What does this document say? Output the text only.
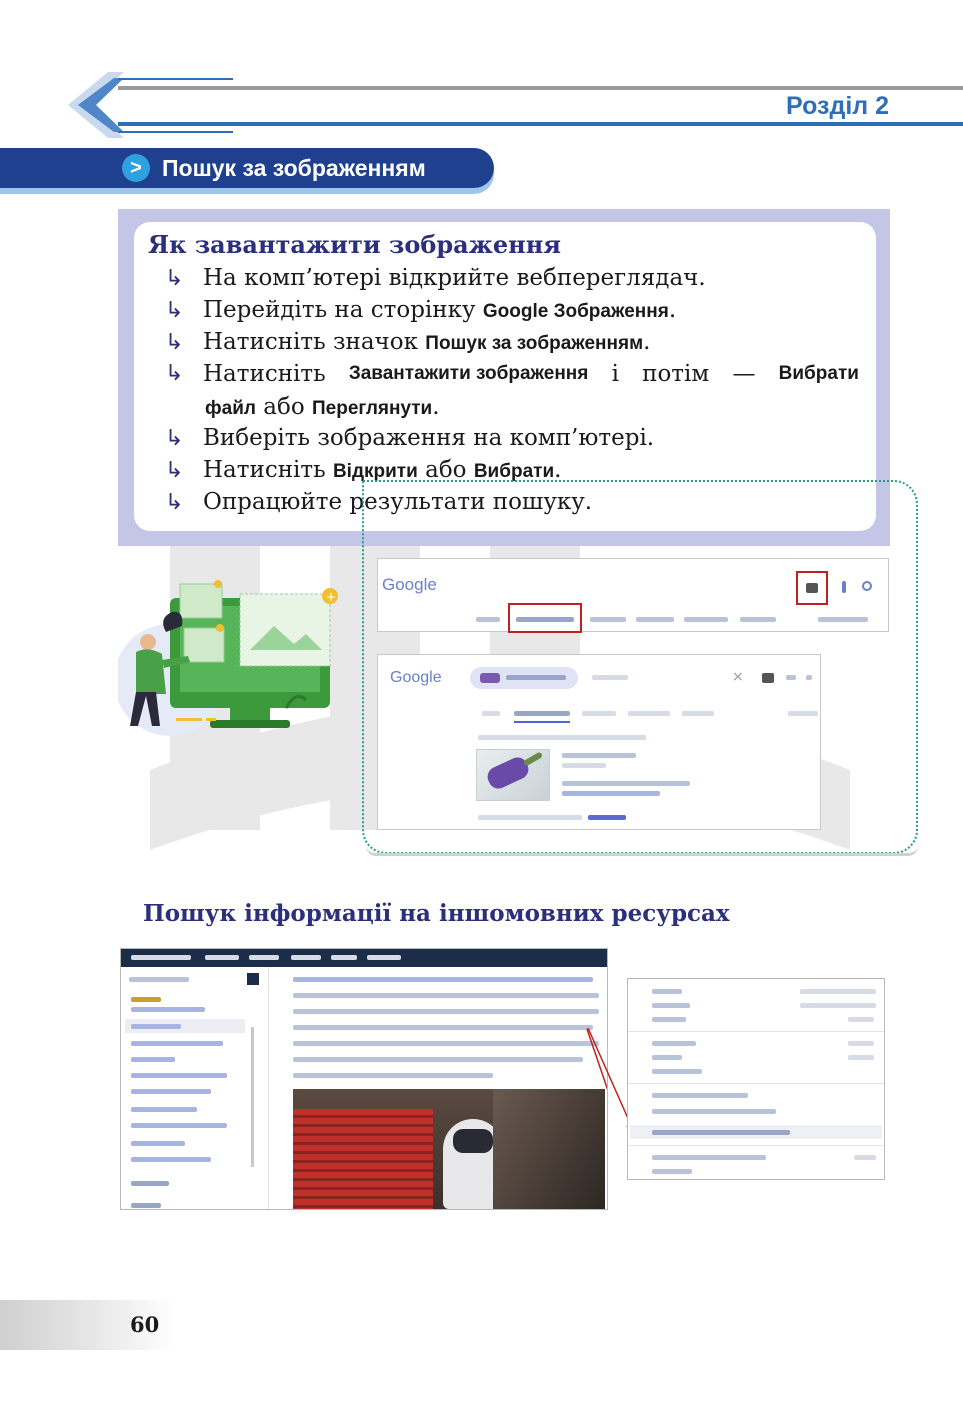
Розділ 2
> Пошук за зображенням
Як завантажити зображення
↳ На комп’ютері відкрийте вебпереглядач.
↳ Перейдіть на сторінку Google Зображення.
↳ Натисніть значок Пошук за зображенням.
↳ Натисніть Завантажити зображення і потім — Вибрати
файл або Переглянути.
↳ Виберіть зображення на комп’ютері.
↳ Натисніть Відкрити або Вибрати.
↳ Опрацюйте результати пошуку.
Google
Google	×
+
Пошук інформації на іншомовних ресурсах
60
